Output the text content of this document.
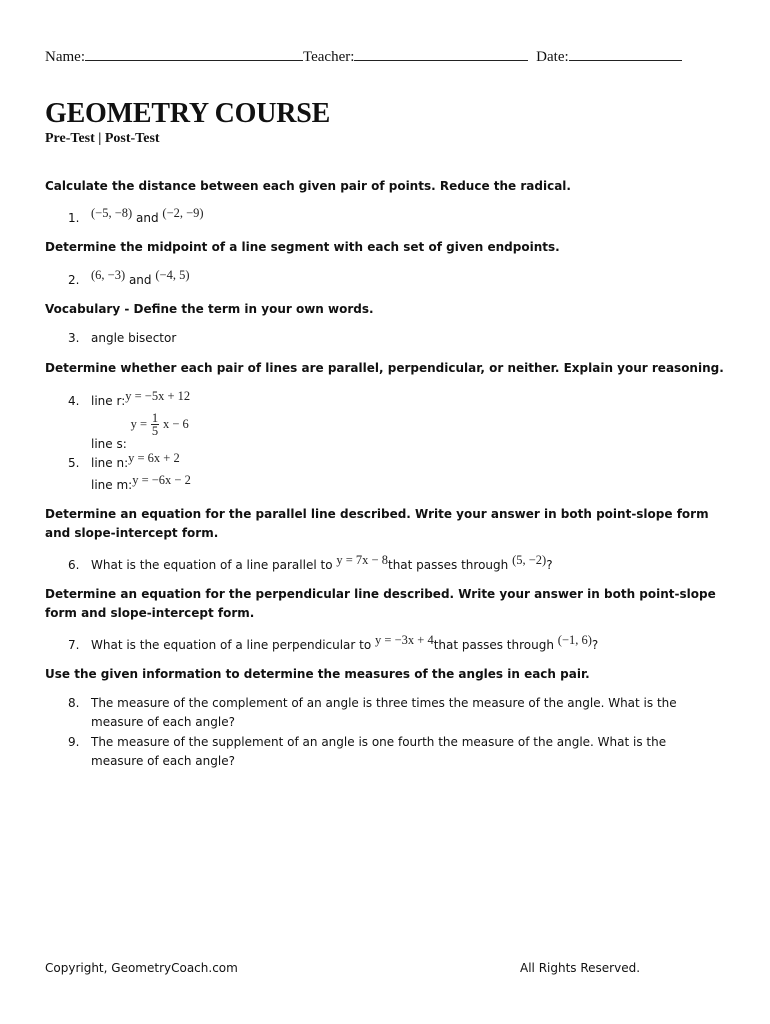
Name:	Teacher:	Date:
GEOMETRY COURSE
Pre-Test | Post-Test
Calculate the distance between each given pair of points. Reduce the radical.
1. (−5, −8) and (−2, −9)
Determine the midpoint of a line segment with each set of given endpoints.
2. (6, −3) and (−4, 5)
Vocabulary - Define the term in your own words.
3. angle bisector
Determine whether each pair of lines are parallel, perpendicular, or neither. Explain your reasoning.
4. line r:y = −5x + 12
line s: $y = \frac{1}{5}$ x − 6
5. line n:y = 6x + 2
line m:y = −6x − 2
Determine an equation for the parallel line described. Write your answer in both point-slope form and slope-intercept form.
6. What is the equation of a line parallel to y = 7x − 8that passes through (5, −2)?
Determine an equation for the perpendicular line described. Write your answer in both point-slope form and slope-intercept form.
7. What is the equation of a line perpendicular to y = −3x + 4that passes through (−1, 6)?
Use the given information to determine the measures of the angles in each pair.
8. The measure of the complement of an angle is three times the measure of the angle. What is the measure of each angle?
9. The measure of the supplement of an angle is one fourth the measure of the angle. What is the measure of each angle?
Copyright, GeometryCoach.com	All Rights Reserved.
